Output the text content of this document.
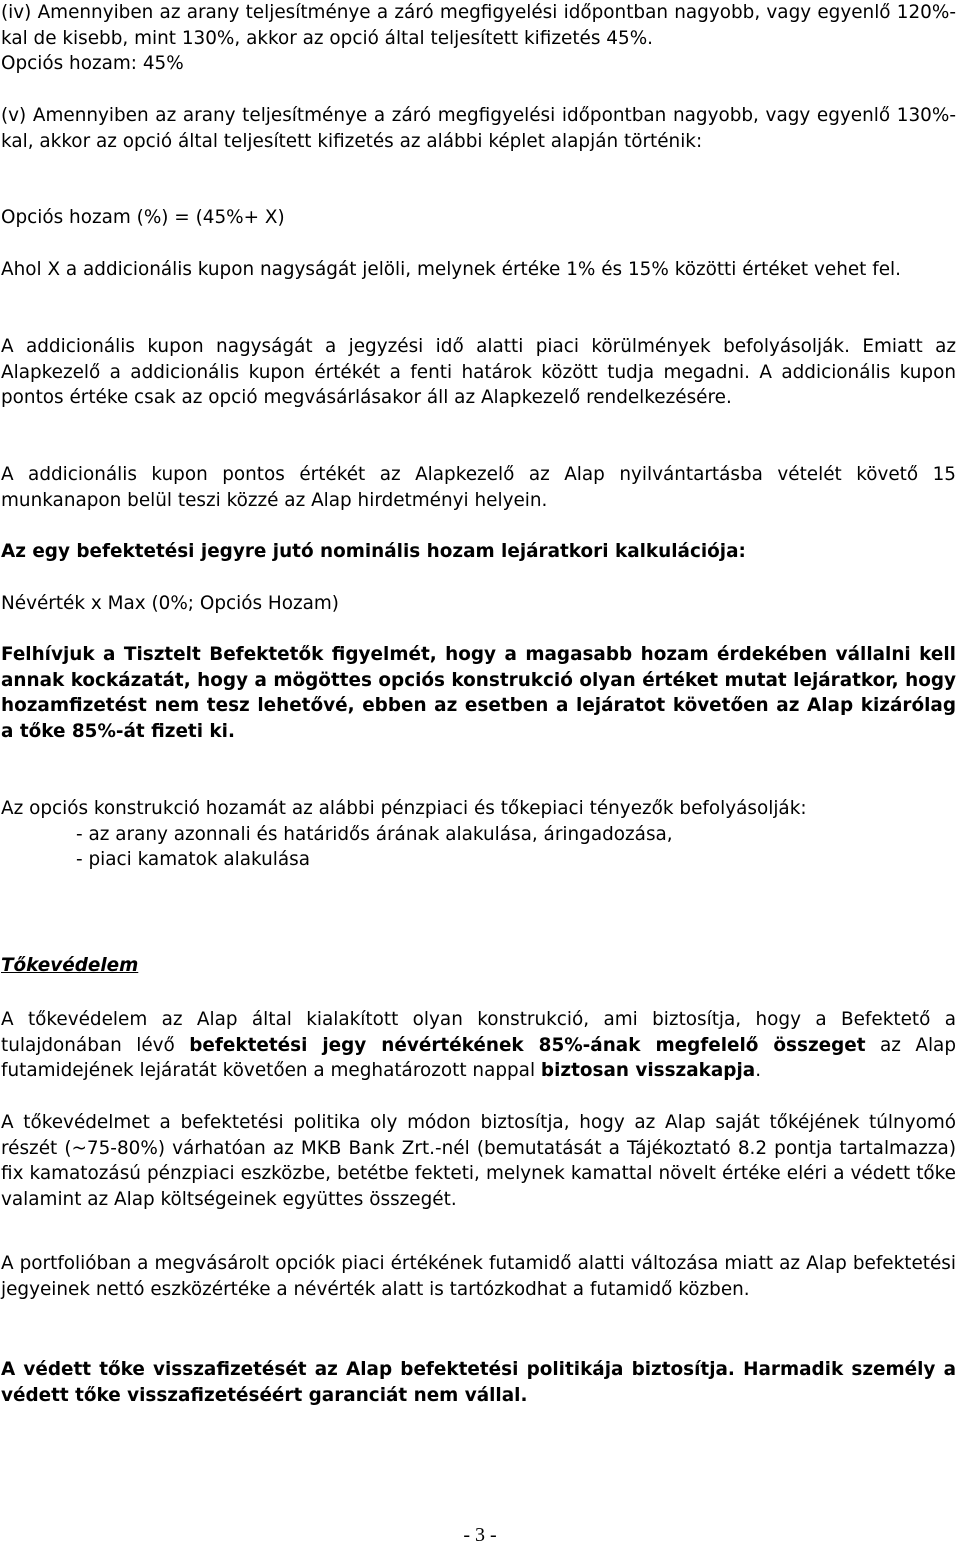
(iv) Amennyiben az arany teljesítménye a záró megfigyelési időpontban nagyobb, vagy egyenlő 120%-kal de kisebb, mint 130%, akkor az opció által teljesített kifizetés 45%.

Opciós hozam: 45%

(v) Amennyiben az arany teljesítménye a záró megfigyelési időpontban nagyobb, vagy egyenlő 130%-kal, akkor az opció által teljesített kifizetés az alábbi képlet alapján történik:

Opciós hozam (%) = (45%+ X)

Ahol X a addicionális kupon nagyságát jelöli, melynek értéke 1% és 15% közötti értéket vehet fel.

A addicionális kupon nagyságát a jegyzési idő alatti piaci körülmények befolyásolják. Emiatt az Alapkezelő a addicionális kupon értékét a fenti határok között tudja megadni. A addicionális kupon pontos értéke csak az opció megvásárlásakor áll az Alapkezelő rendelkezésére.

A addicionális kupon pontos értékét az Alapkezelő az Alap nyilvántartásba vételét követő 15 munkanapon belül teszi közzé az Alap hirdetményi helyein.

Az egy befektetési jegyre jutó nominális hozam lejáratkori kalkulációja:

Névérték x Max (0%; Opciós Hozam)

Felhívjuk a Tisztelt Befektetők figyelmét, hogy a magasabb hozam érdekében vállalni kell annak kockázatát, hogy a mögöttes opciós konstrukció olyan értéket mutat lejáratkor, hogy hozamfizetést nem tesz lehetővé, ebben az esetben a lejáratot követően az Alap kizárólag a tőke 85%-át fizeti ki.

Az opciós konstrukció hozamát az alábbi pénzpiaci és tőkepiaci tényezők befolyásolják:

- az arany azonnali és határidős árának alakulása, áringadozása,

- piaci kamatok alakulása

Tőkevédelem

A tőkevédelem az Alap által kialakított olyan konstrukció, ami biztosítja, hogy a Befektető a tulajdonában lévő befektetési jegy névértékének 85%-ának megfelelő összeget az Alap futamidejének lejáratát követően a meghatározott nappal biztosan visszakapja.

A tőkevédelmet a befektetési politika oly módon biztosítja, hogy az Alap saját tőkéjének túlnyomó részét (~75-80%) várhatóan az MKB Bank Zrt.-nél (bemutatását a Tájékoztató 8.2 pontja tartalmazza) fix kamatozású pénzpiaci eszközbe, betétbe fekteti, melynek kamattal növelt értéke eléri a védett tőke valamint az Alap költségeinek együttes összegét.

A portfolióban a megvásárolt opciók piaci értékének futamidő alatti változása miatt az Alap befektetési jegyeinek nettó eszközértéke a névérték alatt is tartózkodhat a futamidő közben.

A védett tőke visszafizetését az Alap befektetési politikája biztosítja. Harmadik személy a védett tőke visszafizetéséért garanciát nem vállal.

- 3 -
